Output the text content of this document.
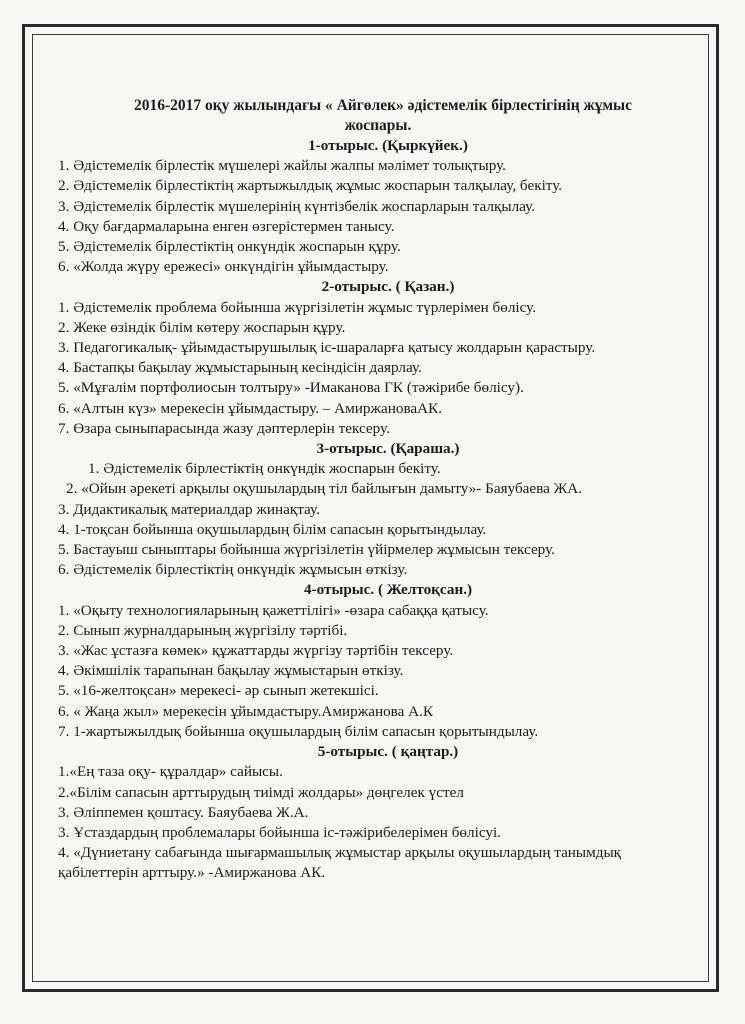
2016-2017 оқу жылындағы « Айгөлек» әдістемелік бірлестігінің жұмыс
жоспары.
1-отырыс. (Қыркүйек.)
1. Әдістемелік бірлестік мүшелері жайлы жалпы мәлімет толықтыру.
2. Әдістемелік бірлестіктің жартыжылдық жұмыс жоспарын талқылау, бекіту.
3. Әдістемелік бірлестік мүшелерінің күнтізбелік жоспарларын талқылау.
4. Оқу бағдармаларына енген өзгерістермен танысу.
5. Әдістемелік бірлестіктің онкүндік жоспарын құру.
6. «Жолда жүру ережесі» онкүндігін ұйымдастыру.
2-отырыс. ( Қазан.)
1. Әдістемелік проблема бойынша жүргізілетін жұмыс түрлерімен бөлісу.
2. Жеке өзіндік білім көтеру жоспарын құру.
3. Педагогикалық- ұйымдастырушылық іс-шараларға қатысу жолдарын қарастыру.
4. Бастапқы бақылау жұмыстарының кесіндісін даярлау.
5. «Мұғалім портфолиосын толтыру» -Имаканова ГК (тәжірибе бөлісу).
6. «Алтын күз» мерекесін ұйымдастыру. – АмиржановаАК.
7. Өзара сыныпарасында жазу дәптерлерін тексеру.
3-отырыс. (Қараша.)
1. Әдістемелік бірлестіктің онкүндік жоспарын бекіту.
2. «Ойын әрекеті арқылы оқушылардың тіл байлығын дамыту»- Баяубаева ЖА.
3. Дидактикалық материалдар жинақтау.
4. 1-тоқсан бойынша оқушылардың білім сапасын қорытындылау.
5. Бастауыш сыныптары бойынша жүргізілетін үйірмелер жұмысын тексеру.
6. Әдістемелік бірлестіктің онкүндік жұмысын өткізу.
4-отырыс. ( Желтоқсан.)
1. «Оқыту технологияларының қажеттілігі» -өзара сабаққа қатысу.
2. Сынып журналдарының жүргізілу тәртібі.
3. «Жас ұстазға көмек» құжаттарды жүргізу тәртібін тексеру.
4. Әкімшілік тарапынан бақылау жұмыстарын өткізу.
5. «16-желтоқсан» мерекесі- әр сынып жетекшісі.
6. « Жаңа жыл» мерекесін ұйымдастыру.Амиржанова А.К
7. 1-жартыжылдық бойынша оқушылардың білім сапасын қорытындылау.
5-отырыс. ( қаңтар.)
1.«Ең таза оқу- құралдар» сайысы.
2.«Білім сапасын арттырудың тиімді жолдары» дөңгелек үстел
3. Әліппемен қоштасу. Баяубаева Ж.А.
3. Ұстаздардың проблемалары бойынша іс-тәжірибелерімен бөлісуі.
4. «Дүниетану сабағында шығармашылық жұмыстар арқылы оқушылардың танымдық қабілеттерін арттыру.» -Амиржанова АК.
